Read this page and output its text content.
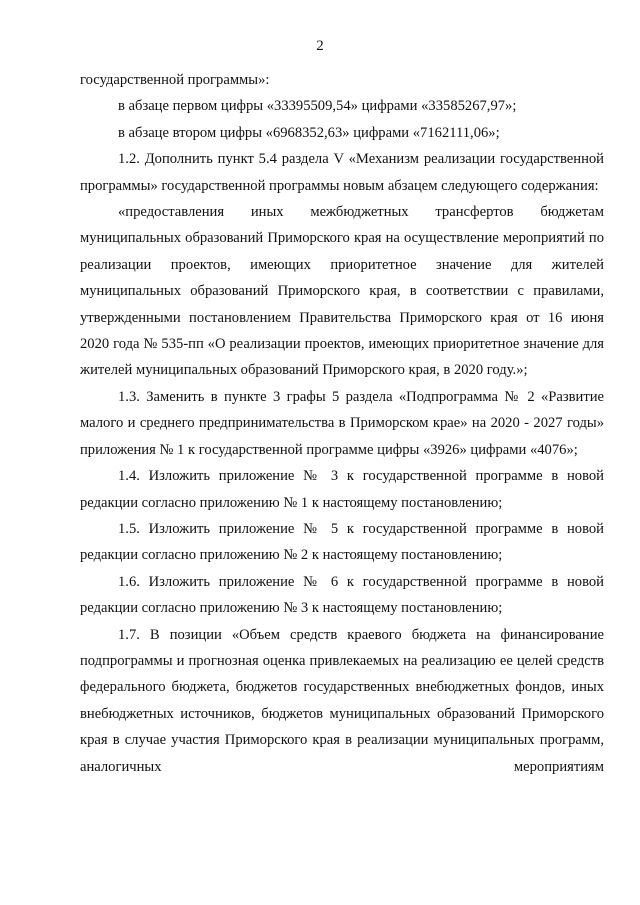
2

государственной программы»:

в абзаце первом цифры «33395509,54» цифрами «33585267,97»;

в абзаце втором цифры «6968352,63» цифрами «7162111,06»;

1.2. Дополнить пункт 5.4 раздела V «Механизм реализации государственной программы» государственной программы новым абзацем следующего содержания:

«предоставления иных межбюджетных трансфертов бюджетам муниципальных образований Приморского края на осуществление мероприятий по реализации проектов, имеющих приоритетное значение для жителей муниципальных образований Приморского края, в соответствии с правилами, утвержденными постановлением Правительства Приморского края от 16 июня 2020 года № 535-пп «О реализации проектов, имеющих приоритетное значение для жителей муниципальных образований Приморского края, в 2020 году.»;

1.3. Заменить в пункте 3 графы 5 раздела «Подпрограмма № 2 «Развитие малого и среднего предпринимательства в Приморском крае» на 2020 - 2027 годы» приложения № 1 к государственной программе цифры «3926» цифрами «4076»;

1.4. Изложить приложение № 3 к государственной программе в новой редакции согласно приложению № 1 к настоящему постановлению;

1.5. Изложить приложение № 5 к государственной программе в новой редакции согласно приложению № 2 к настоящему постановлению;

1.6. Изложить приложение № 6 к государственной программе в новой редакции согласно приложению № 3 к настоящему постановлению;

1.7. В позиции «Объем средств краевого бюджета на финансирование подпрограммы и прогнозная оценка привлекаемых на реализацию ее целей средств федерального бюджета, бюджетов государственных внебюджетных фондов, иных внебюджетных источников, бюджетов муниципальных образований Приморского края в случае участия Приморского края в реализации муниципальных программ, аналогичных мероприятиям
